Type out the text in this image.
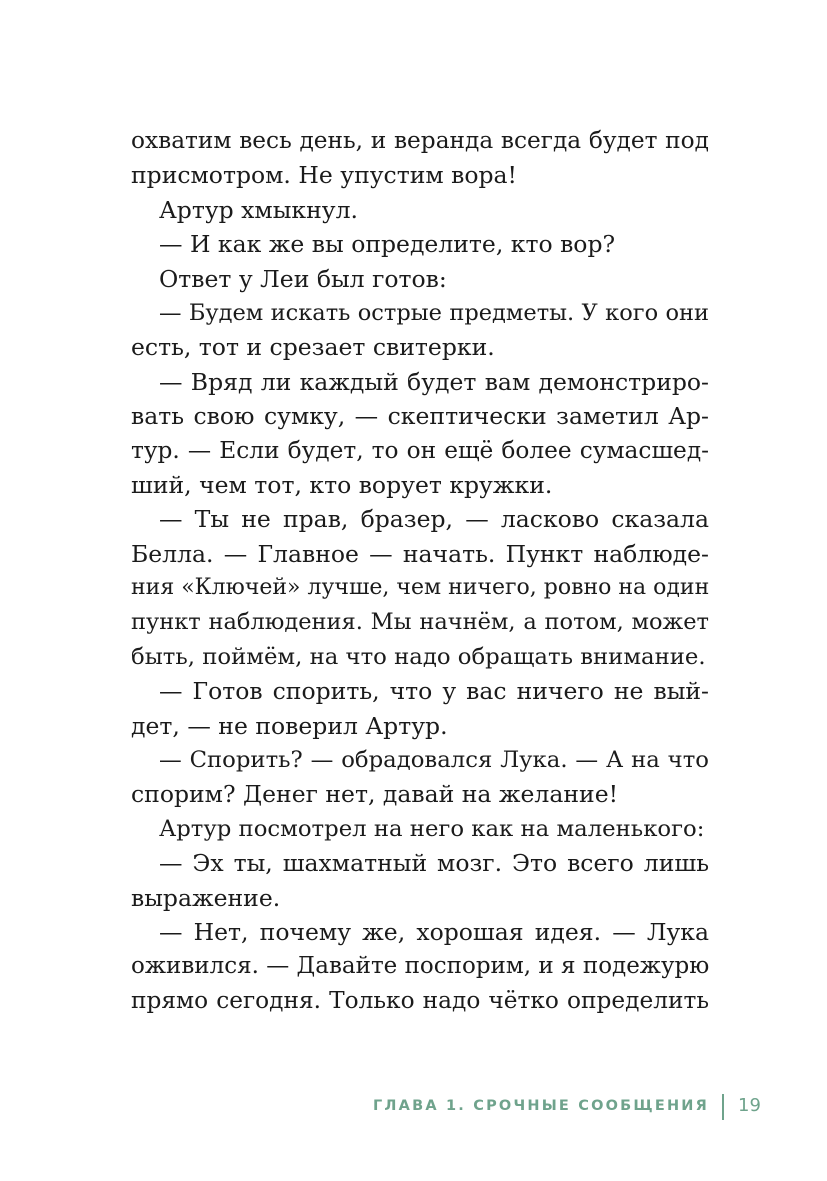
охватим весь день, и веранда всегда будет под
присмотром. Не упустим вора!
Артур хмыкнул.
— И как же вы определите, кто вор?
Ответ у Леи был готов:
— Будем искать острые предметы. У кого они
есть, тот и срезает свитерки.
— Вряд ли каждый будет вам демонстриро-
вать свою сумку, — скептически заметил Ар-
тур. — Если будет, то он ещё более сумасшед-
ший, чем тот, кто ворует кружки.
— Ты не прав, бразер, — ласково сказала
Белла. — Главное — начать. Пункт наблюде-
ния «Ключей» лучше, чем ничего, ровно на один
пункт наблюдения. Мы начнём, а потом, может
быть, поймём, на что надо обращать внимание.
— Готов спорить, что у вас ничего не вый-
дет, — не поверил Артур.
— Спорить? — обрадовался Лука. — А на что
спорим? Денег нет, давай на желание!
Артур посмотрел на него как на маленького:
— Эх ты, шахматный мозг. Это всего лишь
выражение.
— Нет, почему же, хорошая идея. — Лука
оживился. — Давайте поспорим, и я подежурю
прямо сегодня. Только надо чётко определить
ГЛАВА 1. СРОЧНЫЕ СООБЩЕНИЯ 19
